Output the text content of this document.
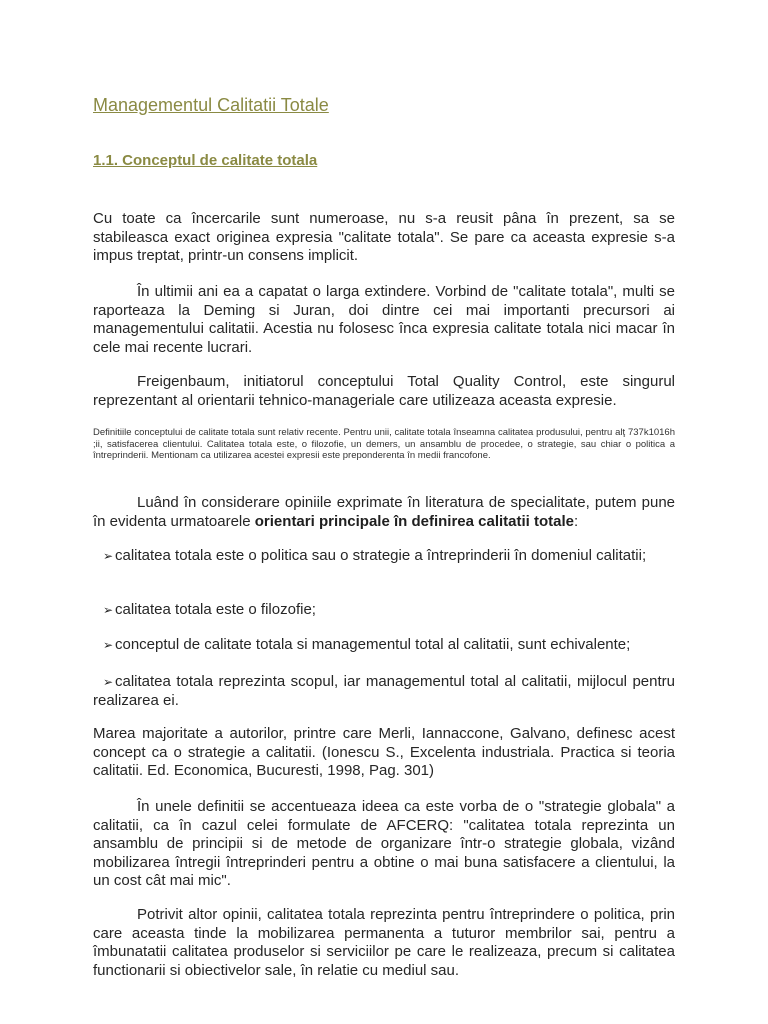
Managementul Calitatii Totale
1.1. Conceptul de calitate totala

Cu toate ca încercarile sunt numeroase, nu s-a reusit pâna în prezent, sa se stabileasca exact originea expresia "calitate totala". Se pare ca aceasta expresie s-a impus treptat, printr-un consens implicit.

În ultimii ani ea a capatat o larga extindere. Vorbind de "calitate totala", multi se raporteaza la Deming si Juran, doi dintre cei mai importanti precursori ai managementului calitatii. Acestia nu folosesc înca expresia calitate totala nici macar în cele mai recente lucrari.

Freigenbaum, initiatorul conceptului Total Quality Control, este singurul reprezentant al orientarii tehnico-manageriale care utilizeaza aceasta expresie.

Definitiile conceptului de calitate totala sunt relativ recente. Pentru unii, calitate totala înseamna calitatea produsului, pentru alţ 737k1016h ;ii, satisfacerea clientului. Calitatea totala este, o filozofie, un demers, un ansamblu de procedee, o strategie, sau chiar o politica a întreprinderii. Mentionam ca utilizarea acestei expresii este preponderenta în medii francofone.

Luând în considerare opiniile exprimate în literatura de specialitate, putem pune în evidenta urmatoarele orientari principale în definirea calitatii totale:

➢ calitatea totala este o politica sau o strategie a întreprinderii în domeniul calitatii;

➢ calitatea totala este o filozofie;

➢ conceptul de calitate totala si managementul total al calitatii, sunt echivalente;

➢ calitatea totala reprezinta scopul, iar managementul total al calitatii, mijlocul pentru realizarea ei.

Marea majoritate a autorilor, printre care Merli, Iannaccone, Galvano, definesc acest concept ca o strategie a calitatii. (Ionescu S., Excelenta industriala. Practica si teoria calitatii. Ed. Economica, Bucuresti, 1998, Pag. 301)

În unele definitii se accentueaza ideea ca este vorba de o "strategie globala" a calitatii, ca în cazul celei formulate de AFCERQ: "calitatea totala reprezinta un ansamblu de principii si de metode de organizare într-o strategie globala, vizând mobilizarea întregii întreprinderi pentru a obtine o mai buna satisfacere a clientului, la un cost cât mai mic".

Potrivit altor opinii, calitatea totala reprezinta pentru întreprindere o politica, prin care aceasta tinde la mobilizarea permanenta a tuturor membrilor sai, pentru a îmbunatatii calitatea produselor si serviciilor pe care le realizeaza, precum si calitatea functionarii si obiectivelor sale, în relatie cu mediul sau.
